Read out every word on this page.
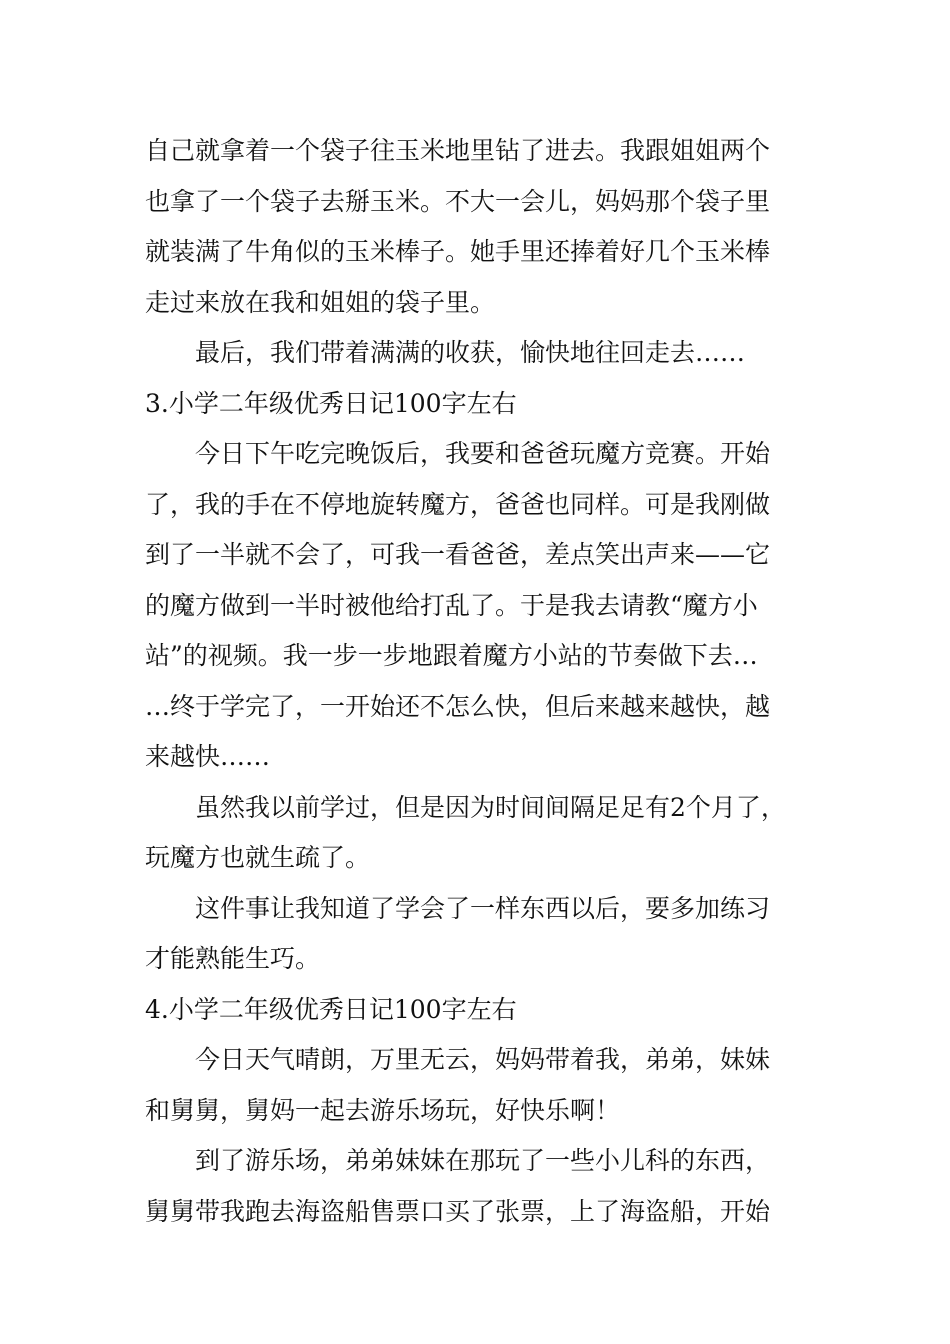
自己就拿着一个袋子往玉米地里钻了进去。我跟姐姐两个
也拿了一个袋子去掰玉米。不大一会儿，妈妈那个袋子里
就装满了牛角似的玉米棒子。她手里还捧着好几个玉米棒
走过来放在我和姐姐的袋子里。
最后，我们带着满满的收获，愉快地往回走去……
3.小学二年级优秀日记100字左右
今日下午吃完晚饭后，我要和爸爸玩魔方竞赛。开始
了，我的手在不停地旋转魔方，爸爸也同样。可是我刚做
到了一半就不会了，可我一看爸爸，差点笑出声来——它
的魔方做到一半时被他给打乱了。于是我去请教“魔方小
站”的视频。我一步一步地跟着魔方小站的节奏做下去…
…终于学完了，一开始还不怎么快，但后来越来越快，越
来越快……
虽然我以前学过，但是因为时间间隔足足有2个月了，
玩魔方也就生疏了。
这件事让我知道了学会了一样东西以后，要多加练习
才能熟能生巧。
4.小学二年级优秀日记100字左右
今日天气晴朗，万里无云，妈妈带着我，弟弟，妹妹
和舅舅，舅妈一起去游乐场玩，好快乐啊！
到了游乐场，弟弟妹妹在那玩了一些小儿科的东西，
舅舅带我跑去海盗船售票口买了张票，上了海盗船，开始
